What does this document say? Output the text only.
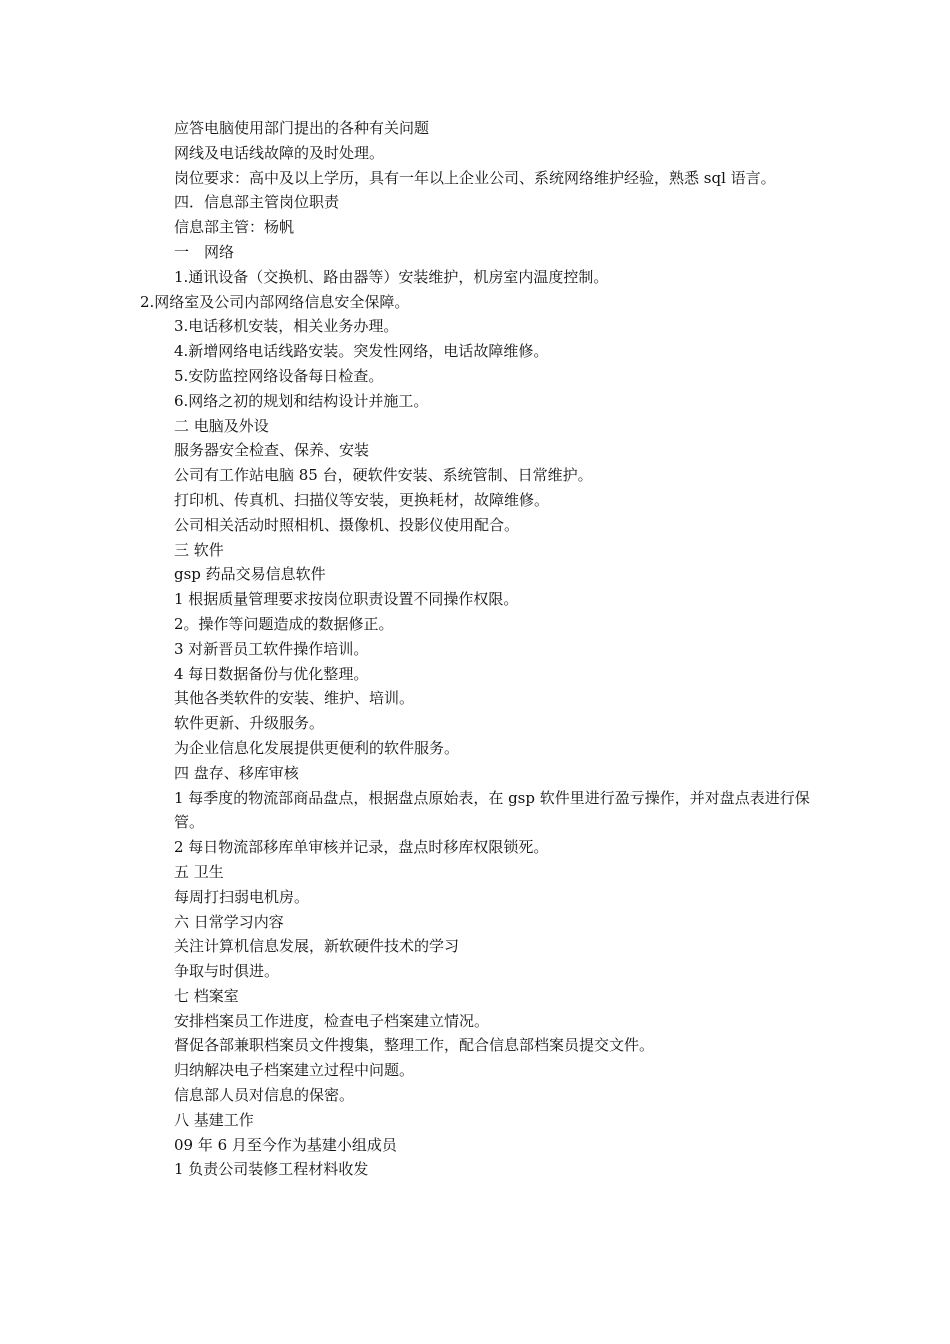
应答电脑使用部门提出的各种有关问题

网线及电话线故障的及时处理。

岗位要求：高中及以上学历，具有一年以上企业公司、系统网络维护经验，熟悉 sql 语言。

四．信息部主管岗位职责

信息部主管：杨帆

一　网络

1.通讯设备（交换机、路由器等）安装维护，机房室内温度控制。

2.网络室及公司内部网络信息安全保障。

3.电话移机安装，相关业务办理。

4.新增网络电话线路安装。突发性网络，电话故障维修。

5.安防监控网络设备每日检查。

6.网络之初的规划和结构设计并施工。

二 电脑及外设

服务器安全检查、保养、安装

公司有工作站电脑 85 台，硬软件安装、系统管制、日常维护。

打印机、传真机、扫描仪等安装，更换耗材，故障维修。

公司相关活动时照相机、摄像机、投影仪使用配合。

三 软件

gsp 药品交易信息软件

1 根据质量管理要求按岗位职责设置不同操作权限。

2。操作等问题造成的数据修正。

3 对新晋员工软件操作培训。

4 每日数据备份与优化整理。

其他各类软件的安装、维护、培训。

软件更新、升级服务。

为企业信息化发展提供更便利的软件服务。

四 盘存、移库审核

1 每季度的物流部商品盘点，根据盘点原始表，在 gsp 软件里进行盈亏操作，并对盘点表进行保管。

2 每日物流部移库单审核并记录，盘点时移库权限锁死。

五 卫生

每周打扫弱电机房。

六 日常学习内容

关注计算机信息发展，新软硬件技术的学习

争取与时俱进。

七 档案室

安排档案员工作进度，检查电子档案建立情况。

督促各部兼职档案员文件搜集，整理工作，配合信息部档案员提交文件。

归纳解决电子档案建立过程中问题。

信息部人员对信息的保密。

八 基建工作

09 年 6 月至今作为基建小组成员

1 负责公司装修工程材料收发
